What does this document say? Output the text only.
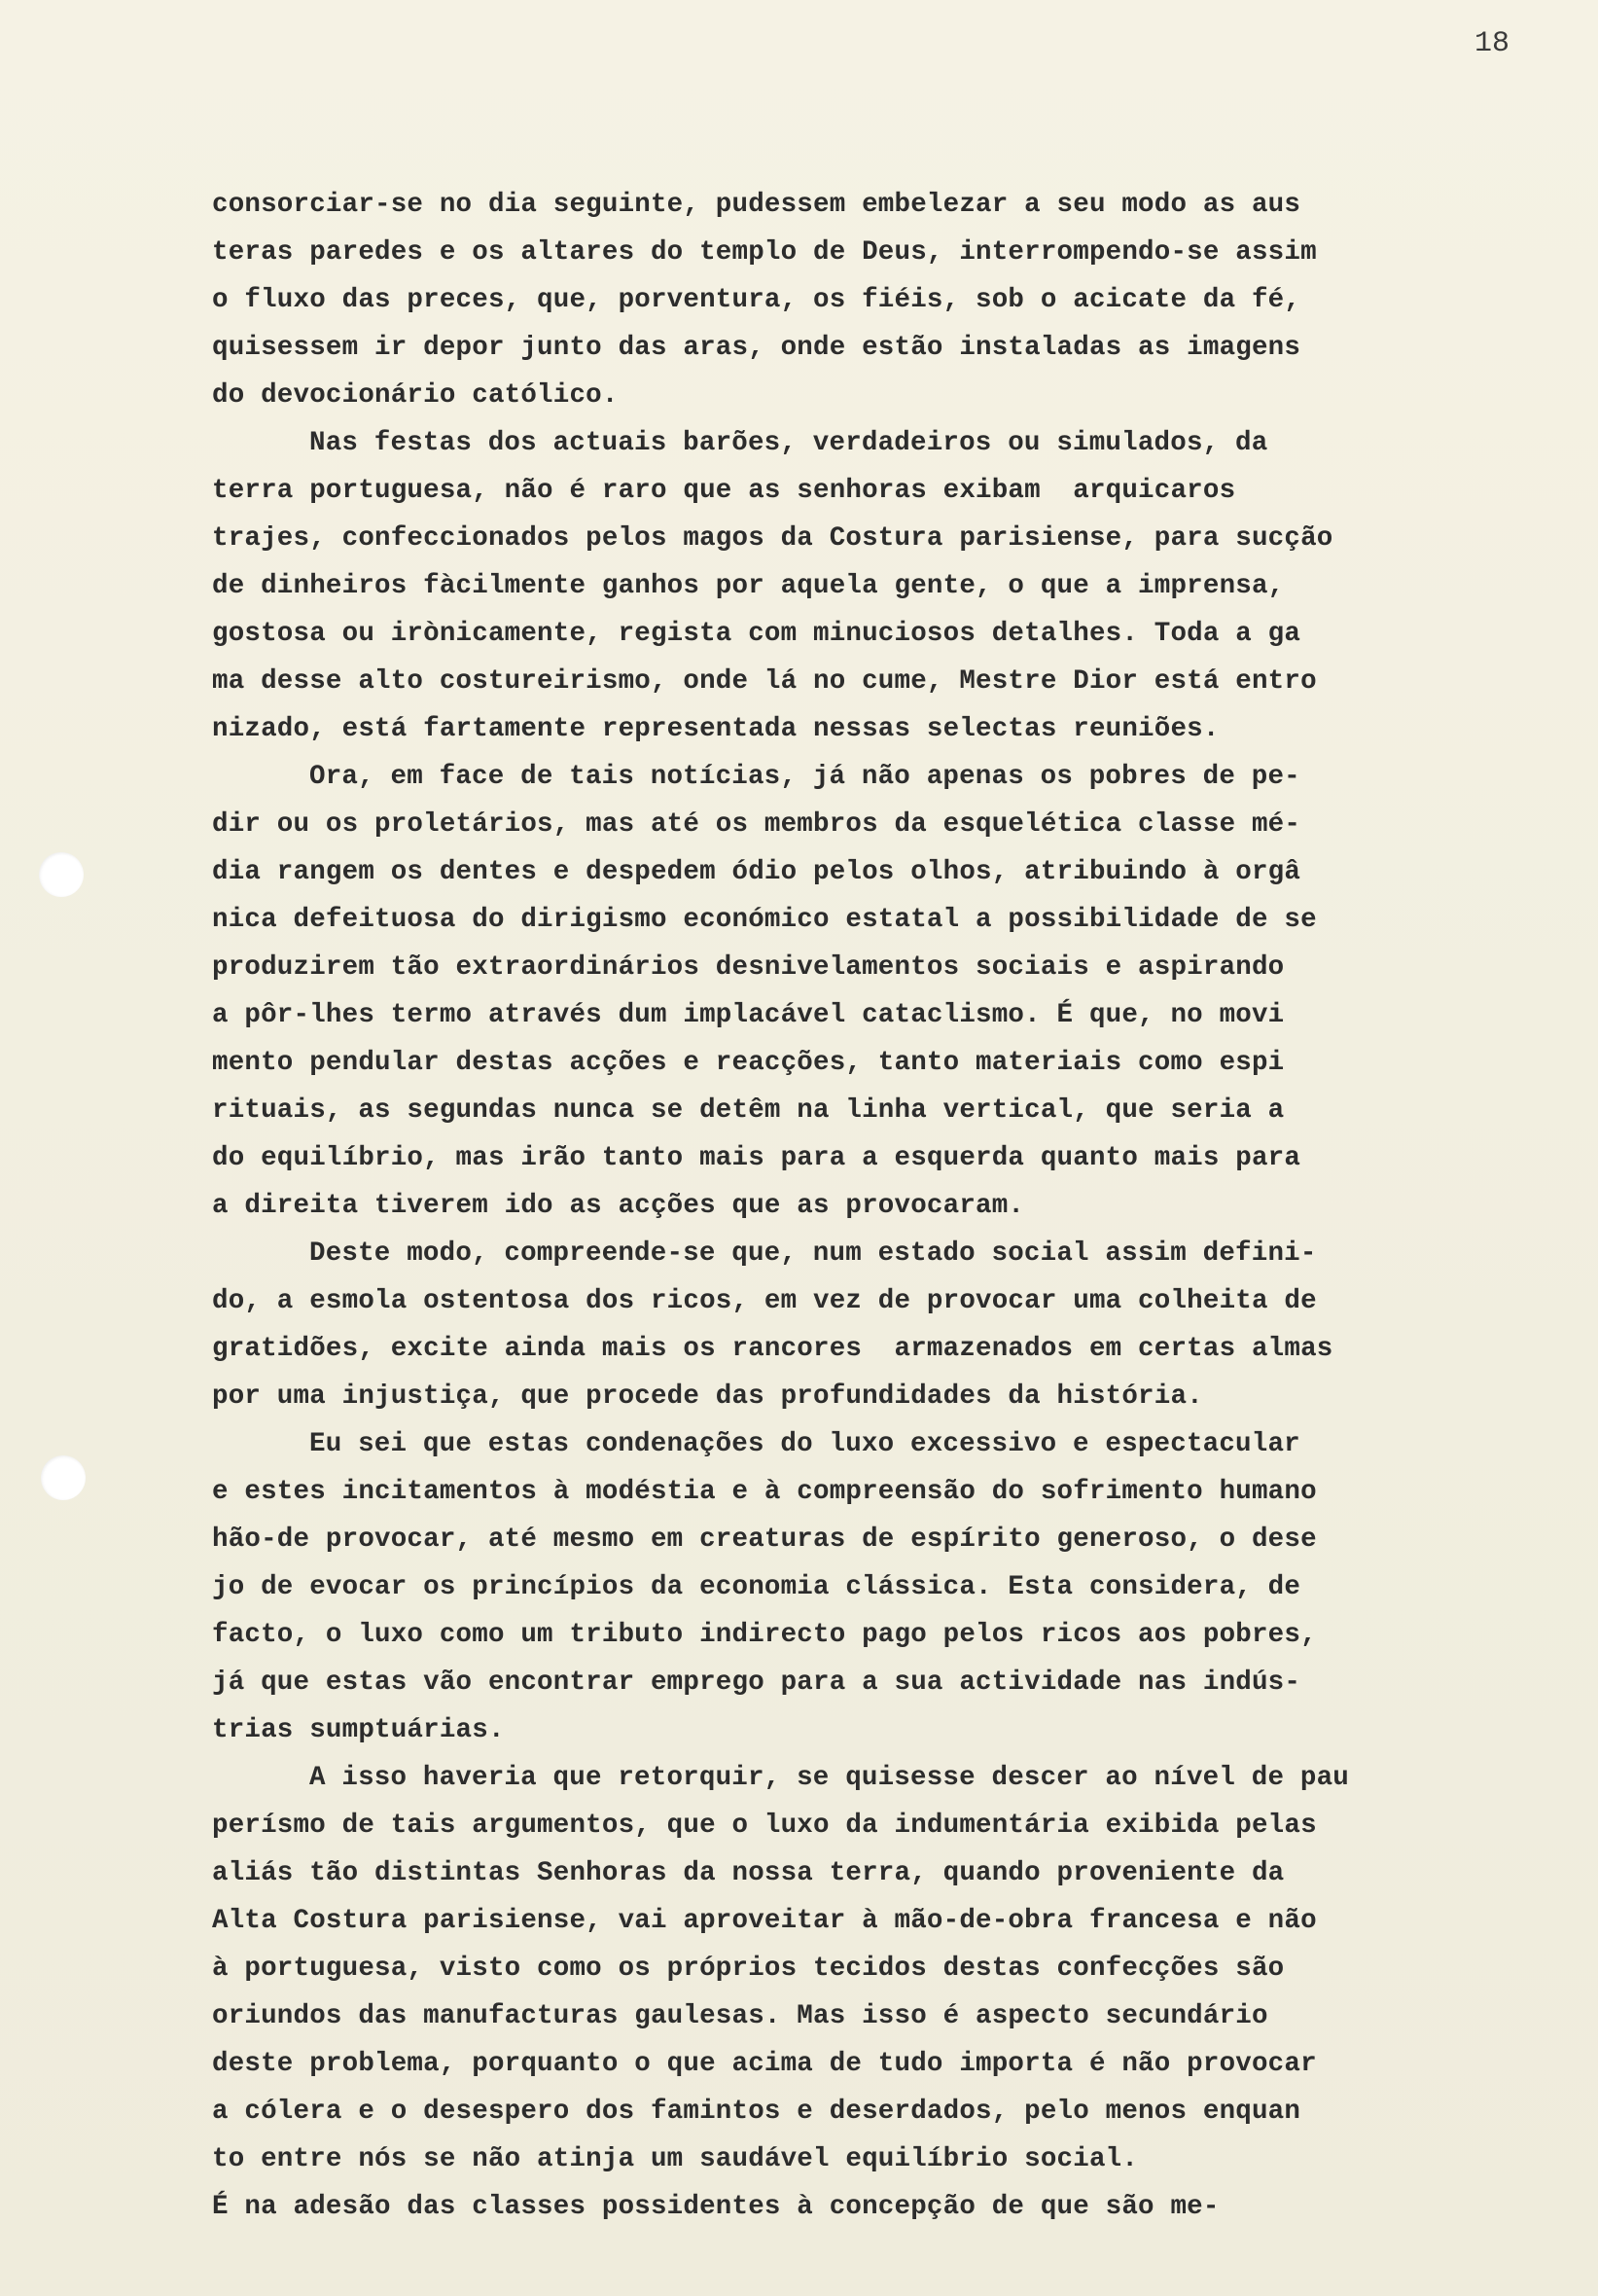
18
consorciar-se no dia seguinte, pudessem embelezar a seu modo as aus
teras paredes e os altares do templo de Deus, interrompendo-se assim
o fluxo das preces, que, porventura, os fiéis, sob o acicate da fé,
quisessem ir depor junto das aras, onde estão instaladas as imagens
do devocionário católico.
Nas festas dos actuais barões, verdadeiros ou simulados, da
terra portuguesa, não é raro que as senhoras exibam  arquicaros
trajes, confeccionados pelos magos da Costura parisiense, para sucção
de dinheiros fàcilmente ganhos por aquela gente, o que a imprensa,
gostosa ou irònicamente, regista com minuciosos detalhes. Toda a ga
ma desse alto costureirismo, onde lá no cume, Mestre Dior está entro
nizado, está fartamente representada nessas selectas reuniões.
Ora, em face de tais notícias, já não apenas os pobres de pe-
dir ou os proletários, mas até os membros da esquelética classe mé-
dia rangem os dentes e despedem ódio pelos olhos, atribuindo à orgâ
nica defeituosa do dirigismo económico estatal a possibilidade de se
produzirem tão extraordinários desnivelamentos sociais e aspirando
a pôr-lhes termo através dum implacável cataclismo. É que, no movi
mento pendular destas acções e reacções, tanto materiais como espi
rituais, as segundas nunca se detêm na linha vertical, que seria a
do equilíbrio, mas irão tanto mais para a esquerda quanto mais para
a direita tiverem ido as acções que as provocaram.
Deste modo, compreende-se que, num estado social assim defini-
do, a esmola ostentosa dos ricos, em vez de provocar uma colheita de
gratidões, excite ainda mais os rancores  armazenados em certas almas
por uma injustiça, que procede das profundidades da história.
Eu sei que estas condenações do luxo excessivo e espectacular
e estes incitamentos à modéstia e à compreensão do sofrimento humano
hão-de provocar, até mesmo em creaturas de espírito generoso, o dese
jo de evocar os princípios da economia clássica. Esta considera, de
facto, o luxo como um tributo indirecto pago pelos ricos aos pobres,
já que estas vão encontrar emprego para a sua actividade nas indús-
trias sumptuárias.
A isso haveria que retorquir, se quisesse descer ao nível de pau
perísmo de tais argumentos, que o luxo da indumentária exibida pelas
aliás tão distintas Senhoras da nossa terra, quando proveniente da
Alta Costura parisiense, vai aproveitar à mão-de-obra francesa e não
à portuguesa, visto como os próprios tecidos destas confecções são
oriundos das manufacturas gaulesas. Mas isso é aspecto secundário
deste problema, porquanto o que acima de tudo importa é não provocar
a cólera e o desespero dos famintos e deserdados, pelo menos enquan
to entre nós se não atinja um saudável equilíbrio social.
É na adesão das classes possidentes à concepção de que são me-
